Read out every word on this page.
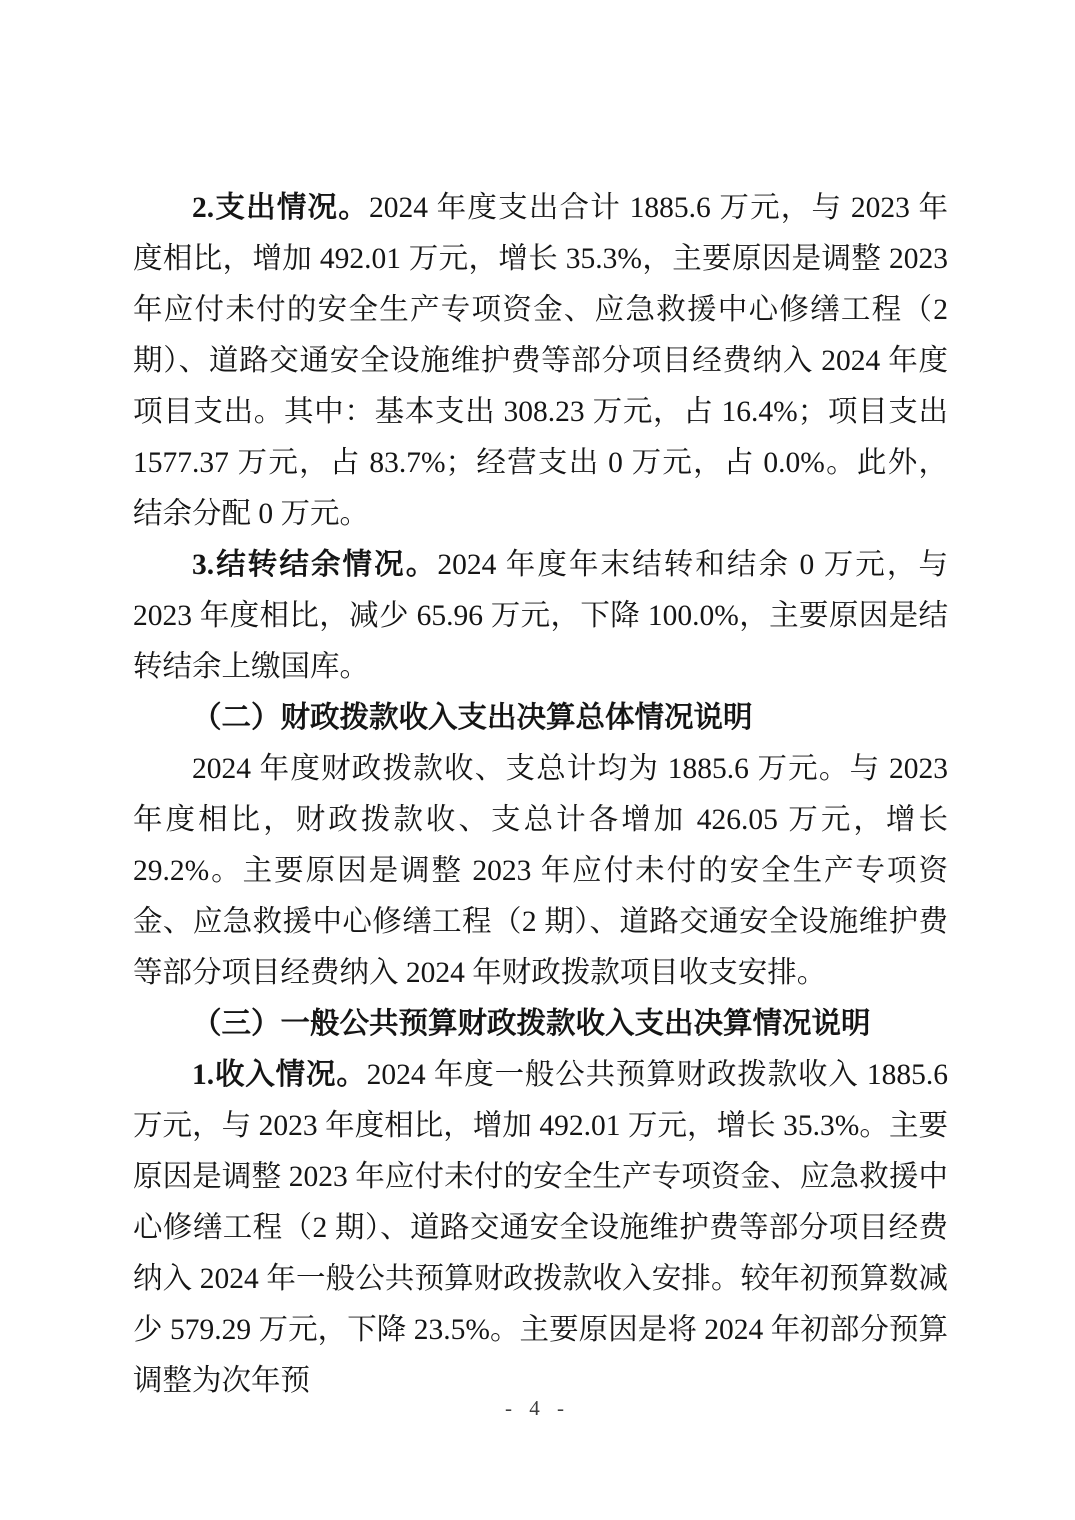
2.支出情况。2024 年度支出合计 1885.6 万元，与 2023 年度相比，增加 492.01 万元，增长 35.3%，主要原因是调整 2023 年应付未付的安全生产专项资金、应急救援中心修缮工程（2 期）、道路交通安全设施维护费等部分项目经费纳入 2024 年度项目支出。其中：基本支出 308.23 万元，占 16.4%；项目支出 1577.37 万元，占 83.7%；经营支出 0 万元，占 0.0%。此外，结余分配 0 万元。

3.结转结余情况。2024 年度年末结转和结余 0 万元，与 2023 年度相比，减少 65.96 万元，下降 100.0%，主要原因是结转结余上缴国库。

（二）财政拨款收入支出决算总体情况说明

2024 年度财政拨款收、支总计均为 1885.6 万元。与 2023 年度相比，财政拨款收、支总计各增加 426.05 万元，增长 29.2%。主要原因是调整 2023 年应付未付的安全生产专项资金、应急救援中心修缮工程（2 期）、道路交通安全设施维护费等部分项目经费纳入 2024 年财政拨款项目收支安排。

（三）一般公共预算财政拨款收入支出决算情况说明

1.收入情况。2024 年度一般公共预算财政拨款收入 1885.6 万元，与 2023 年度相比，增加 492.01 万元，增长 35.3%。主要原因是调整 2023 年应付未付的安全生产专项资金、应急救援中心修缮工程（2 期）、道路交通安全设施维护费等部分项目经费纳入 2024 年一般公共预算财政拨款收入安排。较年初预算数减少 579.29 万元，下降 23.5%。主要原因是将 2024 年初部分预算调整为次年预

- 4 -
